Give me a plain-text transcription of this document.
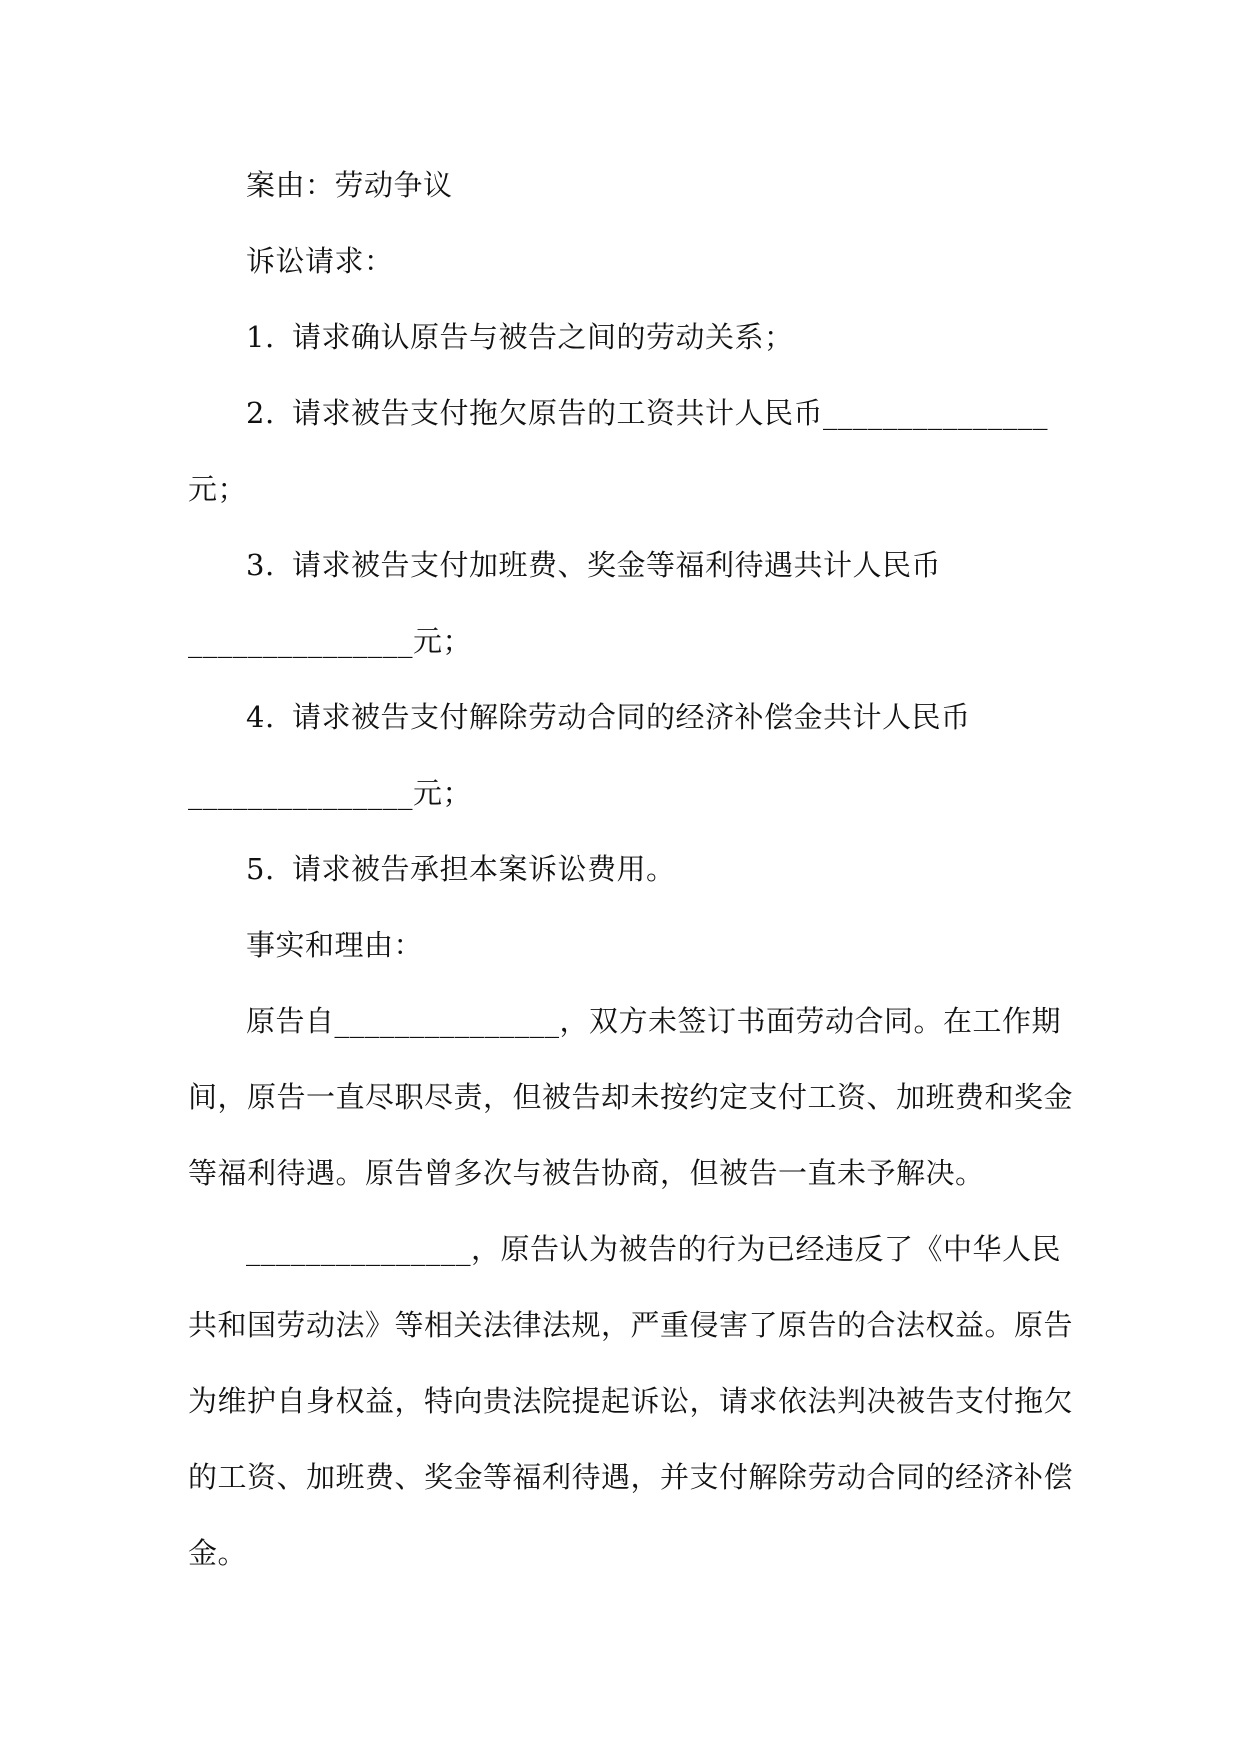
案由：劳动争议
诉讼请求：
1. 请求确认原告与被告之间的劳动关系；
2. 请求被告支付拖欠原告的工资共计人民币_______________
元；
3. 请求被告支付加班费、奖金等福利待遇共计人民币
_______________元；
4. 请求被告支付解除劳动合同的经济补偿金共计人民币
_______________元；
5. 请求被告承担本案诉讼费用。
事实和理由：
原告自_______________，双方未签订书面劳动合同。在工作期
间，原告一直尽职尽责，但被告却未按约定支付工资、加班费和奖金
等福利待遇。原告曾多次与被告协商，但被告一直未予解决。
_______________，原告认为被告的行为已经违反了《中华人民
共和国劳动法》等相关法律法规，严重侵害了原告的合法权益。原告
为维护自身权益，特向贵法院提起诉讼，请求依法判决被告支付拖欠
的工资、加班费、奖金等福利待遇，并支付解除劳动合同的经济补偿
金。
